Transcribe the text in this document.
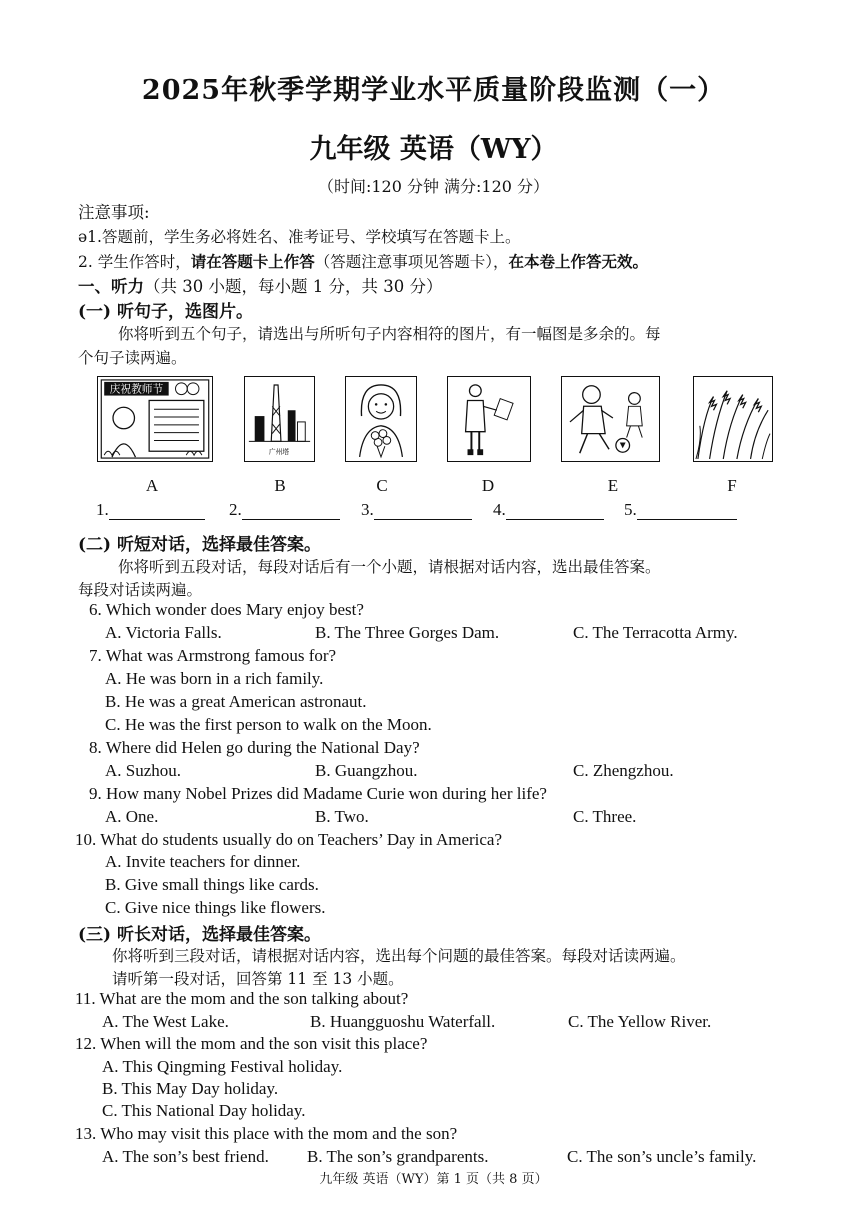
2025年秋季学期学业水平质量阶段监测（一）
九年级 英语（WY）
（时间:120 分钟 满分:120 分）
注意事项:
ə1.答题前，学生务必将姓名、准考证号、学校填写在答题卡上。
2. 学生作答时，请在答题卡上作答（答题注意事项见答题卡），在本卷上作答无效。
一、听力（共 30 小题，每小题 1 分，共 30 分）
(一) 听句子，选图片。
你将听到五个句子，请选出与所听句子内容相符的图片，有一幅图是多余的。每
个句子读两遍。
庆祝教师节
广州塔
A	B	C	D	E	F
1.	2.	3.	4.	5.
(二) 听短对话，选择最佳答案。
你将听到五段对话，每段对话后有一个小题，请根据对话内容，选出最佳答案。
每段对话读两遍。
6. Which wonder does Mary enjoy best?
A. Victoria Falls.	B. The Three Gorges Dam.	C. The Terracotta Army.
7. What was Armstrong famous for?
A. He was born in a rich family.
B. He was a great American astronaut.
C. He was the first person to walk on the Moon.
8. Where did Helen go during the National Day?
A. Suzhou.	B. Guangzhou.	C. Zhengzhou.
9. How many Nobel Prizes did Madame Curie won during her life?
A. One.	B. Two.	C. Three.
10. What do students usually do on Teachers’ Day in America?
A. Invite teachers for dinner.
B. Give small things like cards.
C. Give nice things like flowers.
(三) 听长对话，选择最佳答案。
你将听到三段对话，请根据对话内容，选出每个问题的最佳答案。每段对话读两遍。
请听第一段对话，回答第 11 至 13 小题。
11. What are the mom and the son talking about?
A. The West Lake.	B. Huangguoshu Waterfall.	C. The Yellow River.
12. When will the mom and the son visit this place?
A. This Qingming Festival holiday.
B. This May Day holiday.
C. This National Day holiday.
13. Who may visit this place with the mom and the son?
A. The son’s best friend. B. The son’s grandparents.	C. The son’s uncle’s family.
九年级 英语（WY）第 1 页（共 8 页）
